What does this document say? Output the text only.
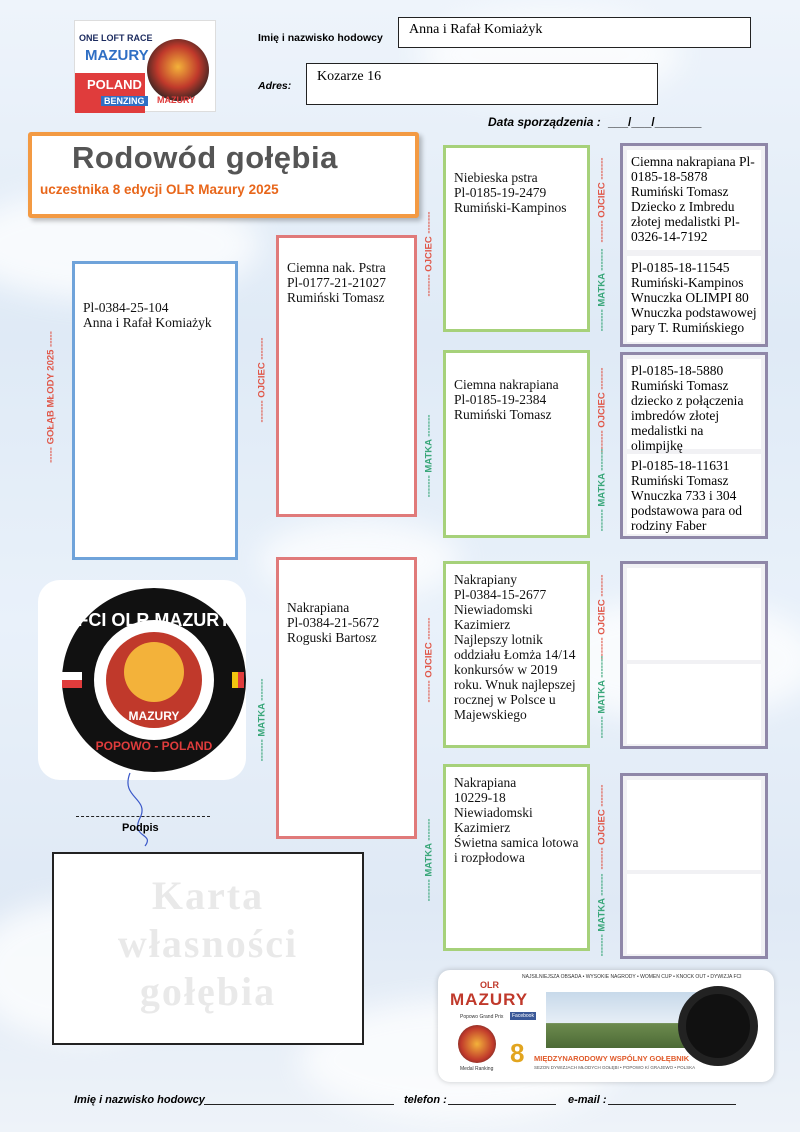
ONE LOFT RACE
MAZURY
POLAND
BENZING	MAZURY
Imię i nazwisko hodowcy
Anna i Rafał Komiażyk
Adres:
Kozarze 16
Data sporządzenia : ___/___/_______
Rodowód gołębia
uczestnika 8 edycji OLR Mazury 2025
Pl-0384-25-104
Anna i Rafał Komiażyk
----- GOŁĄB MŁODY 2025 -----
Ciemna nak. Pstra
Pl-0177-21-21027
Rumiński Tomasz
------- OJCIEC -------
Nakrapiana
Pl-0384-21-5672
Roguski Bartosz
------- MATKA -------
Niebieska pstra
Pl-0185-19-2479
Rumiński-Kampinos
------- OJCIEC -------
Ciemna nakrapiana
Pl-0185-19-2384
Rumiński Tomasz
------- MATKA -------
Nakrapiany
Pl-0384-15-2677
Niewiadomski
Kazimierz
Najlepszy lotnik oddziału Łomża 14/14 konkursów w 2019 roku. Wnuk najlepszej rocznej w Polsce u Majewskiego
------- OJCIEC -------
Nakrapiana
10229-18
Niewiadomski
Kazimierz
Świetna samica lotowa i rozpłodowa
------- MATKA -------
Ciemna nakrapiana Pl-0185-18-5878 Rumiński Tomasz Dziecko z Imbredu złotej medalistki Pl-0326-14-7192
Pl-0185-18-11545 Rumiński-Kampinos Wnuczka OLIMPI 80 Wnuczka podstawowej pary T. Rumińskiego
------- OJCIEC -------
------- MATKA -------
Pl-0185-18-5880 Rumiński Tomasz dziecko z połączenia imbredów złotej medalistki na olimpijkę
Pl-0185-18-11631 Rumiński Tomasz Wnuczka 733 i 304 podstawowa para od rodziny Faber
------- OJCIEC -------
------- MATKA -------
------- OJCIEC -------
------- MATKA -------
------- OJCIEC -------
------- MATKA -------
FCI OLR MAZURY
MAZURY
POPOWO - POLAND
Podpis
Karta
własności
gołębia	OLR
MAZURY
NAJSILNIEJSZA OBSADA • WYSOKIE NAGRODY • WOMEN CUP • KNOCK OUT • DYWIZJA FCI
Popowo Grand Prix	Facebook
Medal Ranking
8 MIĘDZYNARODOWY WSPÓLNY GOŁĘBNIK
SEZON DYWIZJACH MŁODYCH GOŁĘBI • POPOWO K/ GRAJEWO • POLSKA
Imię i nazwisko hodowcy	telefon :	e-mail :
